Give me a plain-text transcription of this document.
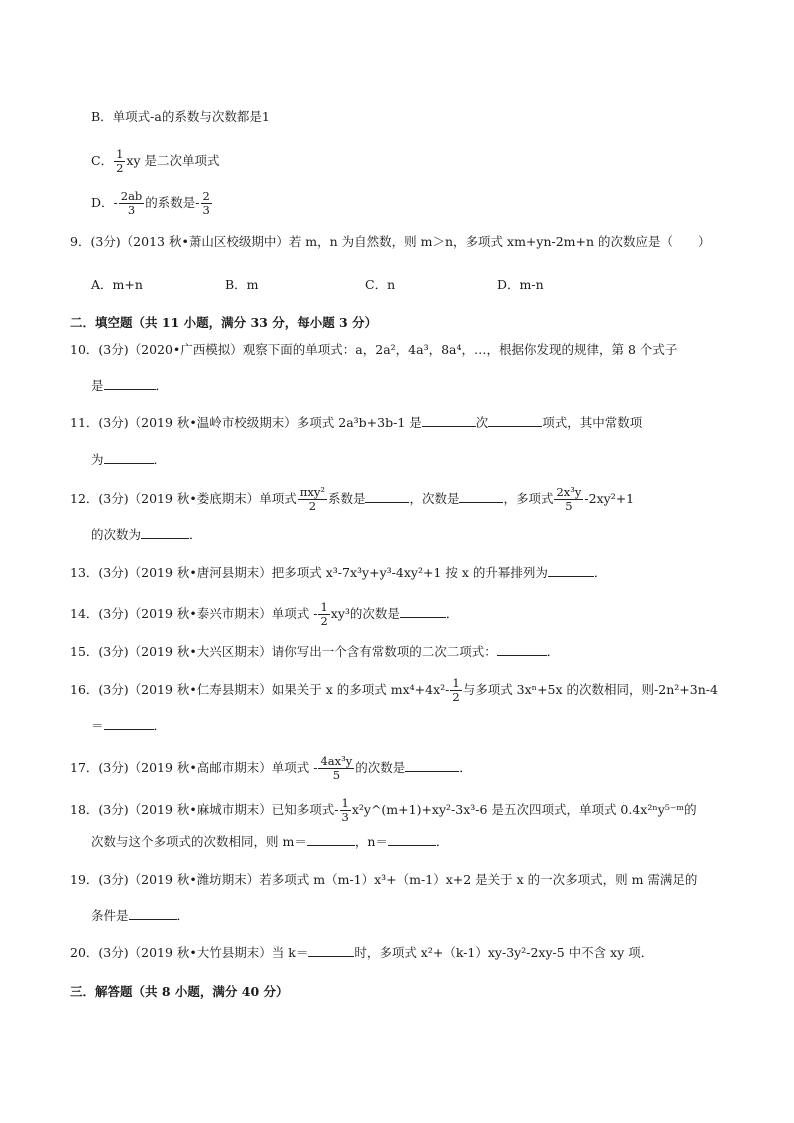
B．单项式-a的系数与次数都是1
C． $\frac{1}{2}$ xy 是二次单项式
D．- $\frac{2ab}{3}$ 的系数是- $\frac{2}{3}$
9．(3分)（2013 秋•萧山区校级期中）若 m，n 为自然数，则 m＞n，多项式 xm+yn-2m+n 的次数应是（　　）
A．m+n	B．m	C．n	D．m-n
二．填空题（共 11 小题，满分 33 分，每小题 3 分）
10．(3分)（2020•广西模拟）观察下面的单项式：a，2a²，4a³，8a⁴，…，根据你发现的规律，第 8 个式子
是	．
11．(3分)（2019 秋•温岭市校级期末）多项式 2a³b+3b-1 是	次	项式，其中常数项
为	．
12．(3分)（2019 秋•娄底期末）单项式 $\frac{\text{πxy²}}{2}$ 系数是	，次数是	，多项式 $\frac{\text{2x³y}}{5} -2xy^2+1$
的次数为	．
13．(3分)（2019 秋•唐河县期末）把多项式 x³-7x³y+y³-4xy²+1 按 x 的升幂排列为	．
14．(3分)（2019 秋•泰兴市期末）单项式 - $\frac{1}{2} xy^3$的次数是	．
15．(3分)（2019 秋•大兴区期末）请你写出一个含有常数项的二次二项式：	．
16．(3分)（2019 秋•仁寿县期末）如果关于 x 的多项式 $mx^4+4x^2- \frac{1}{2}$ 与多项式 3xⁿ+5x 的次数相同，则-2n²+3n-4
＝	．
17．(3分)（2019 秋•高邮市期末）单项式 - $\frac{\text{4ax³y}}{5}$ 的次数是	．
18．(3分)（2019 秋•麻城市期末）已知多项式- $\frac{1}{3}$ x²y^(m+1)+xy²-3x³-6 是五次四项式，单项式 0.4x²ⁿy⁵⁻ᵐ的
次数与这个多项式的次数相同，则 m＝	，n＝	．
19．(3分)（2019 秋•潍坊期末）若多项式 m（m-1）x³+（m-1）x+2 是关于 x 的一次多项式，则 m 需满足的
条件是	．
20．(3分)（2019 秋•大竹县期末）当 k＝	时，多项式 x²+（k-1）xy-3y²-2xy-5 中不含 xy 项．
三．解答题（共 8 小题，满分 40 分）
